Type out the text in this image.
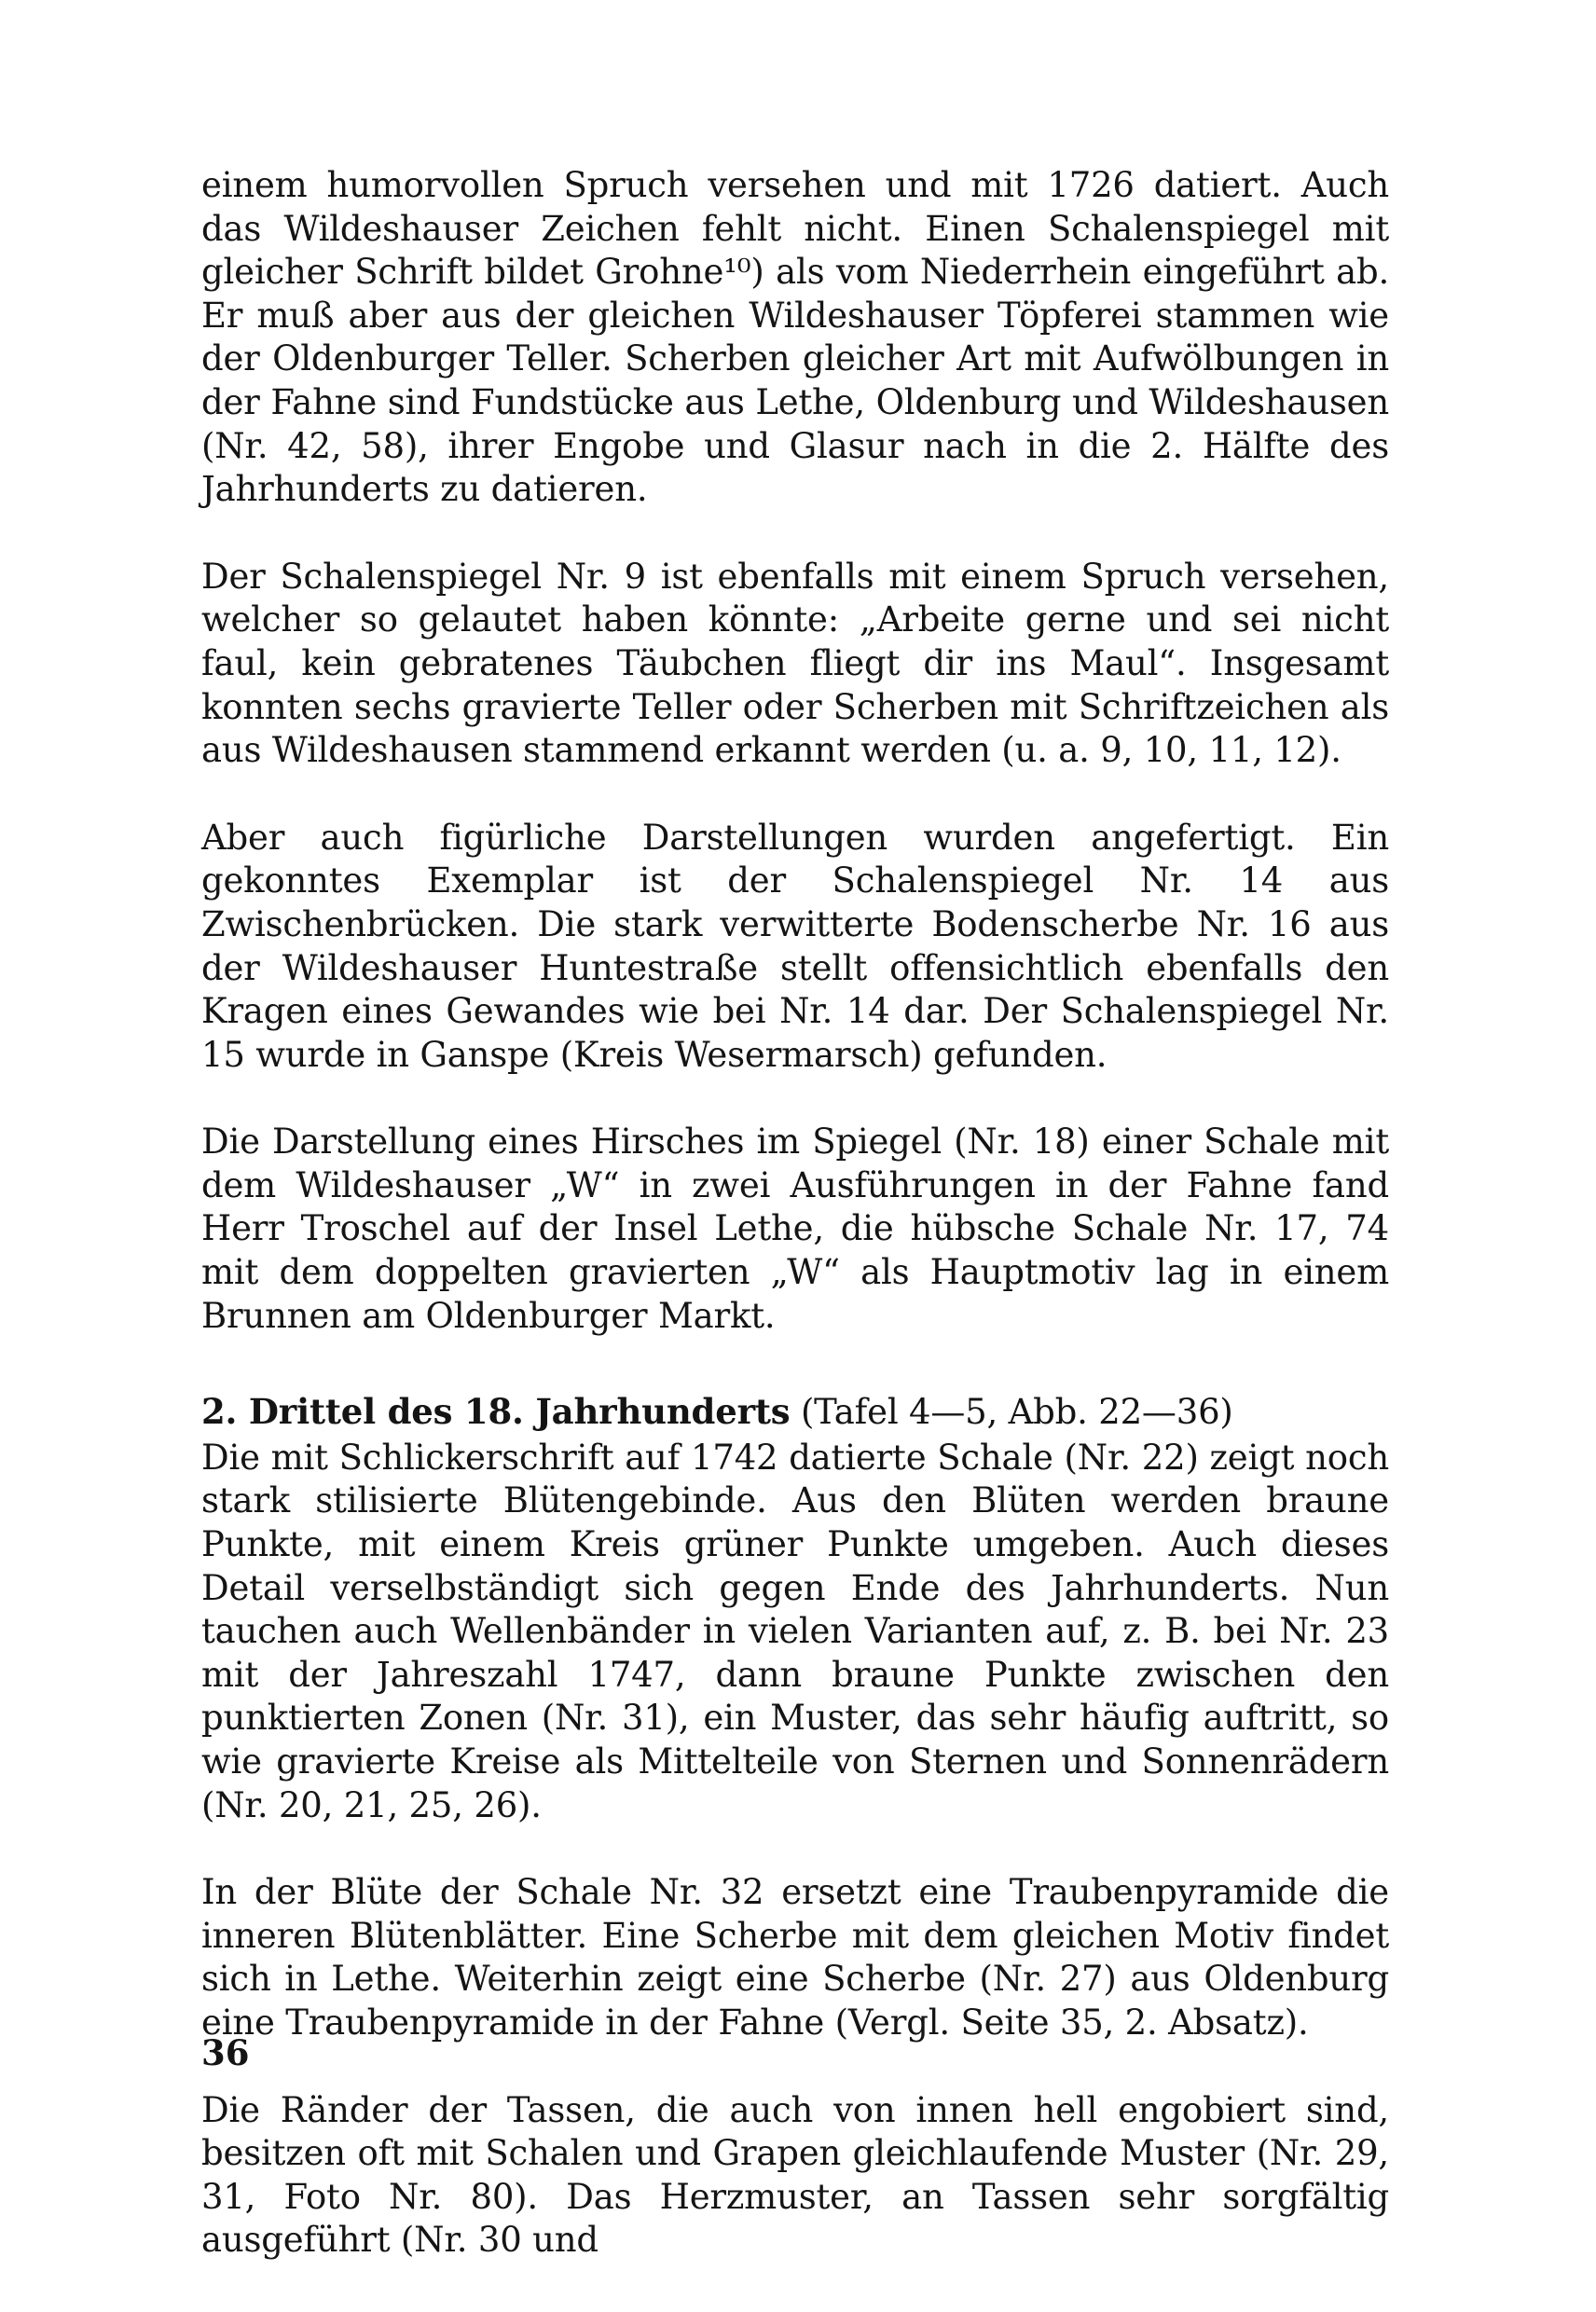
einem humorvollen Spruch versehen und mit 1726 datiert. Auch das Wildeshauser Zeichen fehlt nicht. Einen Schalenspiegel mit gleicher Schrift bildet Grohne¹⁰) als vom Niederrhein eingeführt ab. Er muß aber aus der gleichen Wildeshauser Töpferei stammen wie der Oldenburger Teller. Scherben gleicher Art mit Aufwölbungen in der Fahne sind Fundstücke aus Lethe, Oldenburg und Wildeshausen (Nr. 42, 58), ihrer Engobe und Glasur nach in die 2. Hälfte des Jahrhunderts zu datieren.

Der Schalenspiegel Nr. 9 ist ebenfalls mit einem Spruch versehen, welcher so gelautet haben könnte: „Arbeite gerne und sei nicht faul, kein gebratenes Täubchen fliegt dir ins Maul“. Insgesamt konnten sechs gravierte Teller oder Scherben mit Schriftzeichen als aus Wildeshausen stammend erkannt werden (u. a. 9, 10, 11, 12).

Aber auch figürliche Darstellungen wurden angefertigt. Ein gekonntes Exemplar ist der Schalenspiegel Nr. 14 aus Zwischenbrücken. Die stark verwitterte Bodenscherbe Nr. 16 aus der Wildeshauser Huntestraße stellt offensichtlich ebenfalls den Kragen eines Gewandes wie bei Nr. 14 dar. Der Schalenspiegel Nr. 15 wurde in Ganspe (Kreis Wesermarsch) gefunden.

Die Darstellung eines Hirsches im Spiegel (Nr. 18) einer Schale mit dem Wildeshauser „W“ in zwei Ausführungen in der Fahne fand Herr Troschel auf der Insel Lethe, die hübsche Schale Nr. 17, 74 mit dem doppelten gravierten „W“ als Hauptmotiv lag in einem Brunnen am Oldenburger Markt.

2. Drittel des 18. Jahrhunderts (Tafel 4—5, Abb. 22—36)

Die mit Schlickerschrift auf 1742 datierte Schale (Nr. 22) zeigt noch stark stilisierte Blütengebinde. Aus den Blüten werden braune Punkte, mit einem Kreis grüner Punkte umgeben. Auch dieses Detail verselbständigt sich gegen Ende des Jahrhunderts. Nun tauchen auch Wellenbänder in vielen Varianten auf, z. B. bei Nr. 23 mit der Jahreszahl 1747, dann braune Punkte zwischen den punktierten Zonen (Nr. 31), ein Muster, das sehr häufig auftritt, so wie gravierte Kreise als Mittelteile von Sternen und Sonnenrädern (Nr. 20, 21, 25, 26).

In der Blüte der Schale Nr. 32 ersetzt eine Traubenpyramide die inneren Blütenblätter. Eine Scherbe mit dem gleichen Motiv findet sich in Lethe. Weiterhin zeigt eine Scherbe (Nr. 27) aus Oldenburg eine Traubenpyramide in der Fahne (Vergl. Seite 35, 2. Absatz).

Die Ränder der Tassen, die auch von innen hell engobiert sind, besitzen oft mit Schalen und Grapen gleichlaufende Muster (Nr. 29, 31, Foto Nr. 80). Das Herzmuster, an Tassen sehr sorgfältig ausgeführt (Nr. 30 und

36
